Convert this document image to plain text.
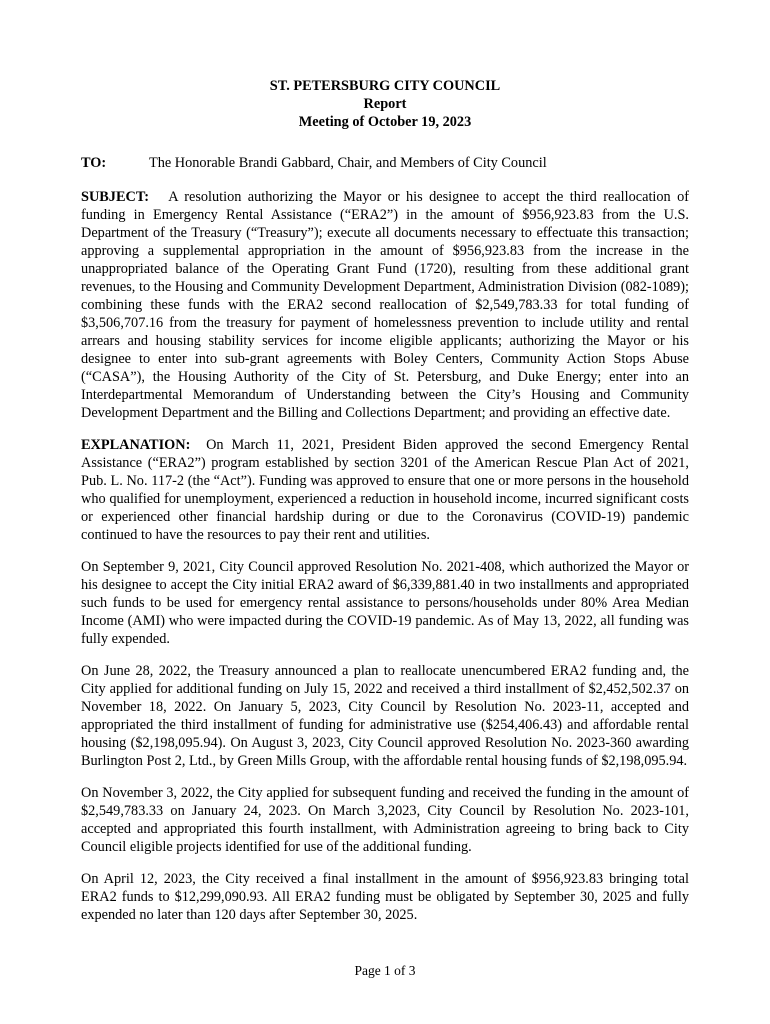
ST. PETERSBURG CITY COUNCIL
Report
Meeting of October 19, 2023
TO:	The Honorable Brandi Gabbard, Chair, and Members of City Council

SUBJECT: A resolution authorizing the Mayor or his designee to accept the third reallocation of funding in Emergency Rental Assistance (“ERA2”) in the amount of $956,923.83 from the U.S. Department of the Treasury (“Treasury”); execute all documents necessary to effectuate this transaction; approving a supplemental appropriation in the amount of $956,923.83 from the increase in the unappropriated balance of the Operating Grant Fund (1720), resulting from these additional grant revenues, to the Housing and Community Development Department, Administration Division (082-1089); combining these funds with the ERA2 second reallocation of $2,549,783.33 for total funding of $3,506,707.16 from the treasury for payment of homelessness prevention to include utility and rental arrears and housing stability services for income eligible applicants; authorizing the Mayor or his designee to enter into sub-grant agreements with Boley Centers, Community Action Stops Abuse (“CASA”), the Housing Authority of the City of St. Petersburg, and Duke Energy; enter into an Interdepartmental Memorandum of Understanding between the City’s Housing and Community Development Department and the Billing and Collections Department; and providing an effective date.

EXPLANATION: On March 11, 2021, President Biden approved the second Emergency Rental Assistance (“ERA2”) program established by section 3201 of the American Rescue Plan Act of 2021, Pub. L. No. 117-2 (the “Act”). Funding was approved to ensure that one or more persons in the household who qualified for unemployment, experienced a reduction in household income, incurred significant costs or experienced other financial hardship during or due to the Coronavirus (COVID-19) pandemic continued to have the resources to pay their rent and utilities.

On September 9, 2021, City Council approved Resolution No. 2021-408, which authorized the Mayor or his designee to accept the City initial ERA2 award of $6,339,881.40 in two installments and appropriated such funds to be used for emergency rental assistance to persons/households under 80% Area Median Income (AMI) who were impacted during the COVID-19 pandemic. As of May 13, 2022, all funding was fully expended.

On June 28, 2022, the Treasury announced a plan to reallocate unencumbered ERA2 funding and, the City applied for additional funding on July 15, 2022 and received a third installment of $2,452,502.37 on November 18, 2022. On January 5, 2023, City Council by Resolution No. 2023-11, accepted and appropriated the third installment of funding for administrative use ($254,406.43) and affordable rental housing ($2,198,095.94). On August 3, 2023, City Council approved Resolution No. 2023-360 awarding Burlington Post 2, Ltd., by Green Mills Group, with the affordable rental housing funds of $2,198,095.94.

On November 3, 2022, the City applied for subsequent funding and received the funding in the amount of $2,549,783.33 on January 24, 2023. On March 3,2023, City Council by Resolution No. 2023-101, accepted and appropriated this fourth installment, with Administration agreeing to bring back to City Council eligible projects identified for use of the additional funding.

On April 12, 2023, the City received a final installment in the amount of $956,923.83 bringing total ERA2 funds to $12,299,090.93. All ERA2 funding must be obligated by September 30, 2025 and fully expended no later than 120 days after September 30, 2025.

Page 1 of 3
